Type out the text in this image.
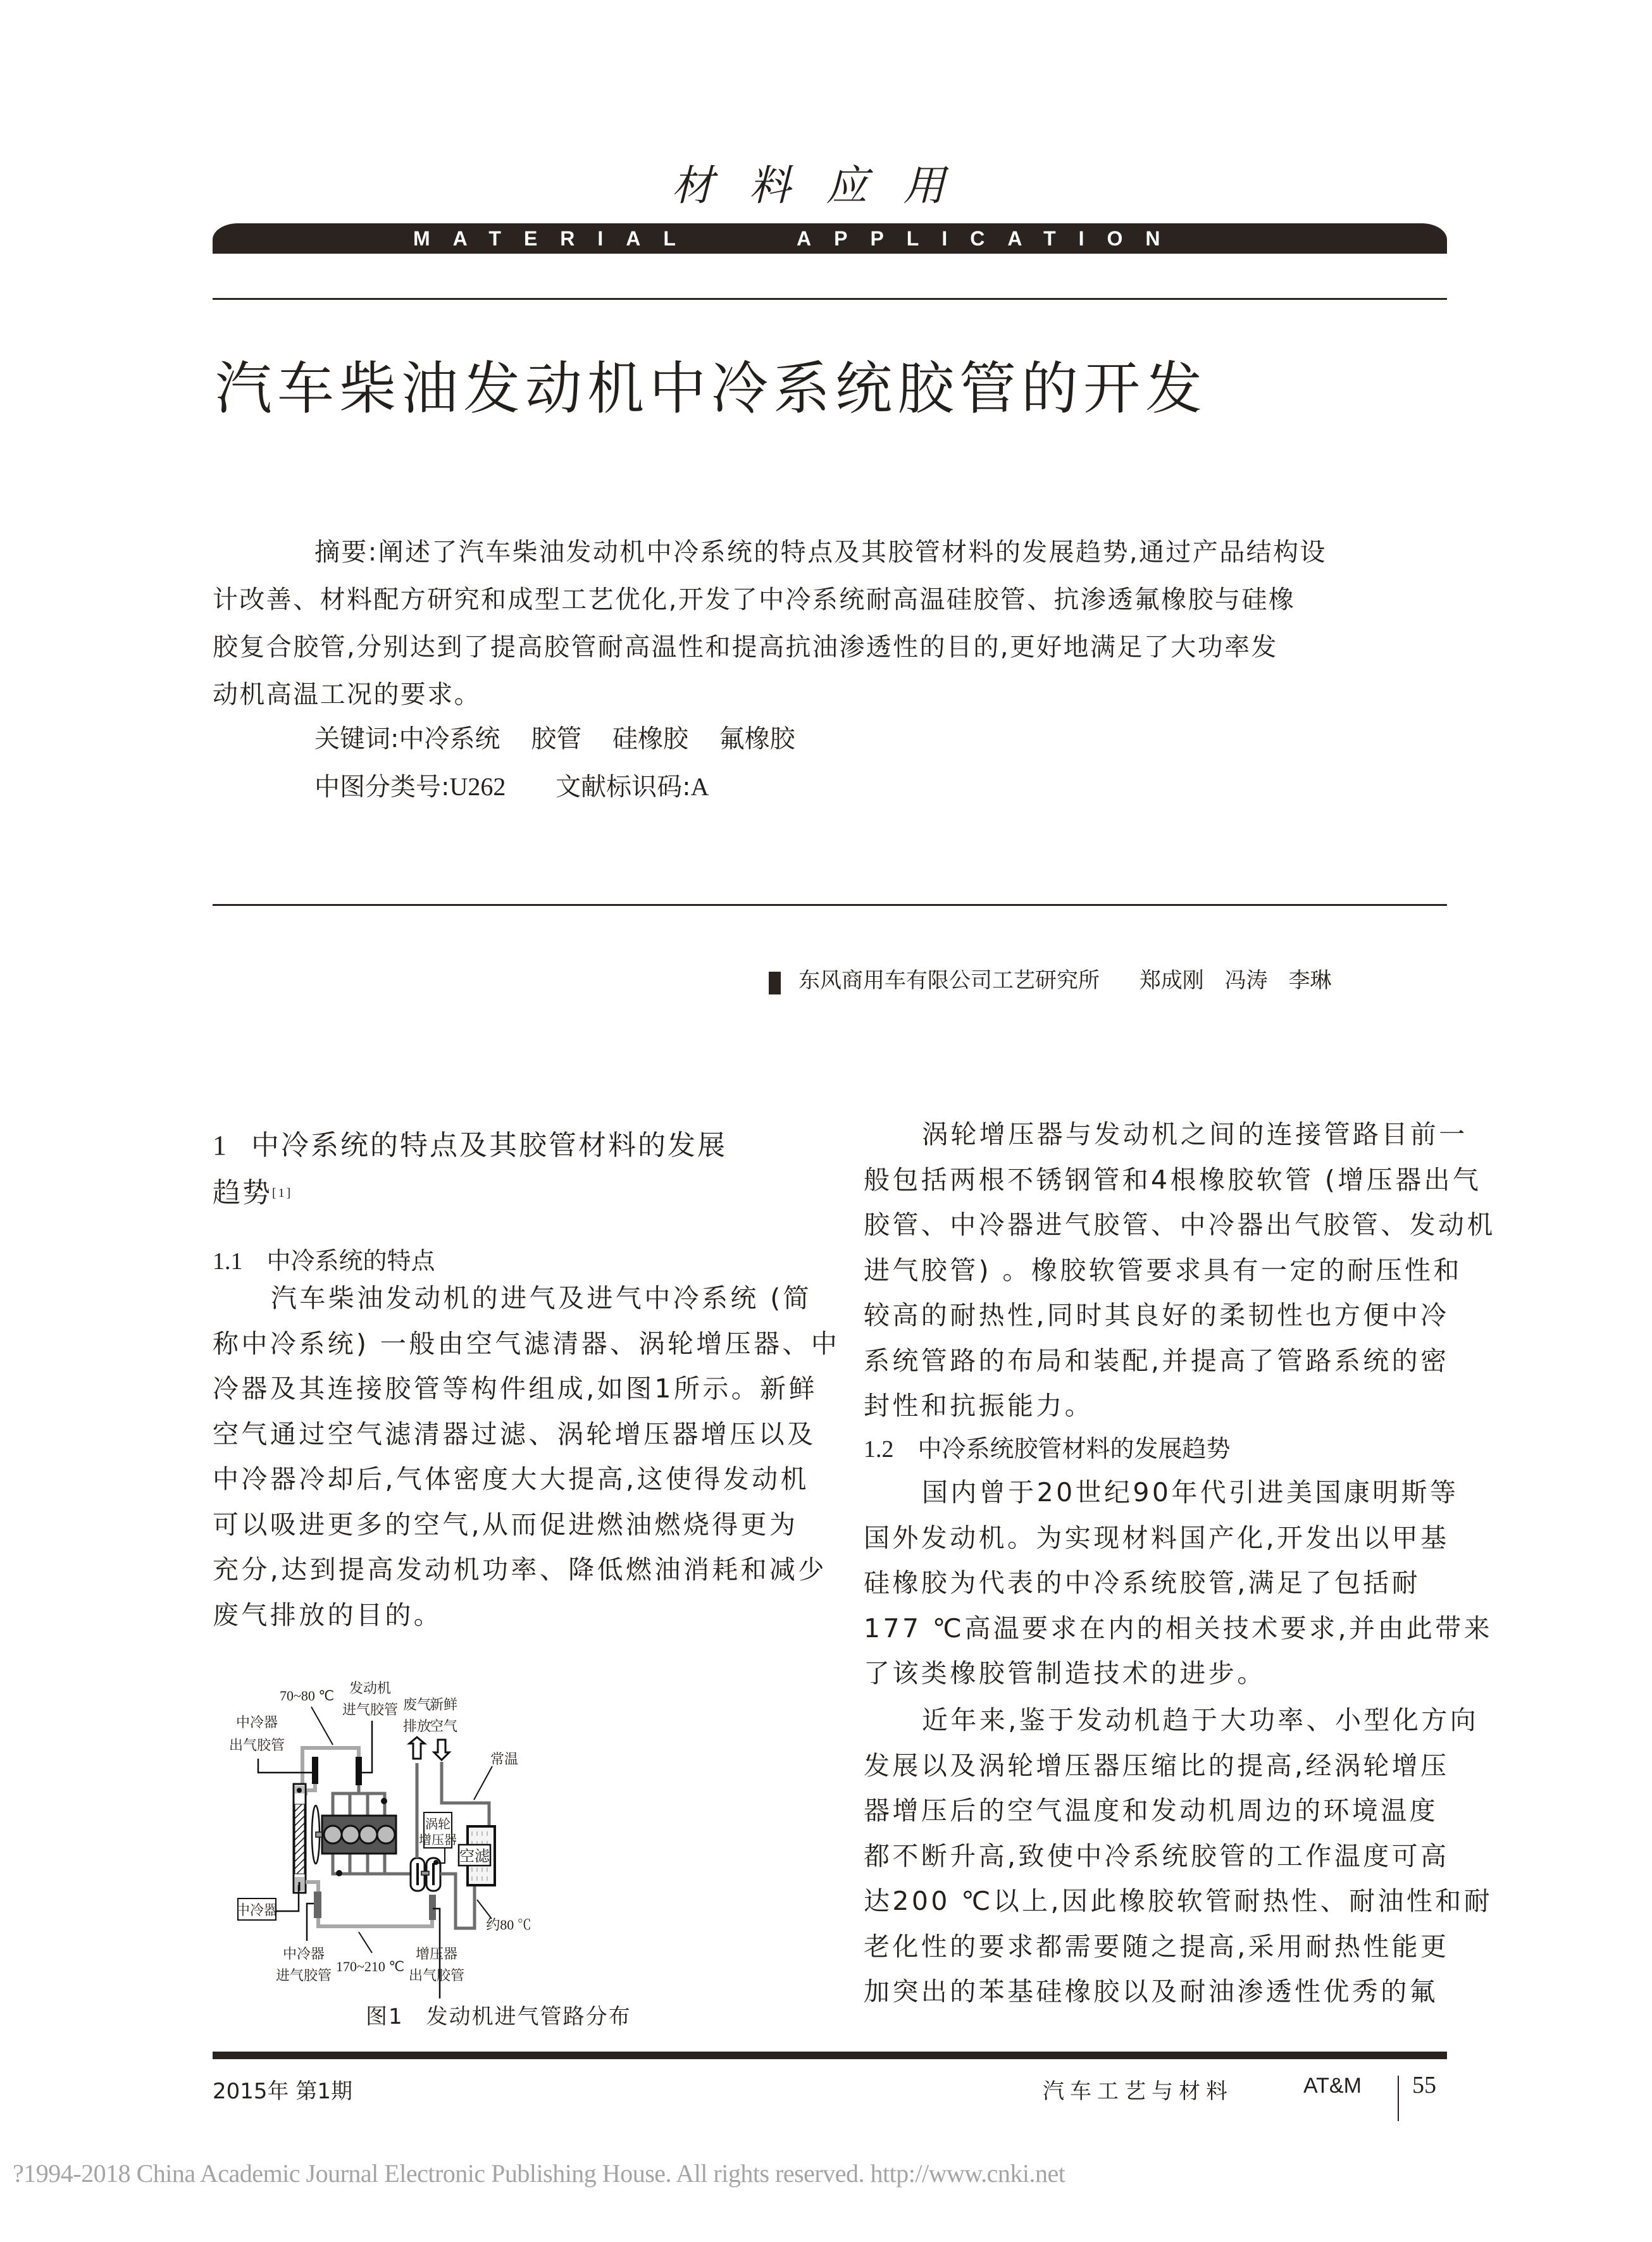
材料应用
MATERIAL	APPLICATION
汽车柴油发动机中冷系统胶管的开发
摘要:阐述了汽车柴油发动机中冷系统的特点及其胶管材料的发展趋势,通过产品结构设
计改善、材料配方研究和成型工艺优化,开发了中冷系统耐高温硅胶管、抗渗透氟橡胶与硅橡
胶复合胶管,分别达到了提高胶管耐高温性和提高抗油渗透性的目的,更好地满足了大功率发
动机高温工况的要求。
关键词:中冷系统 胶管 硅橡胶 氟橡胶
中图分类号:U262 文献标识码:A
东风商用车有限公司工艺研究所 郑成刚 冯涛 李琳
1 中冷系统的特点及其胶管材料的发展
趋势[1]
1.1 中冷系统的特点
汽车柴油发动机的进气及进气中冷系统 (简
称中冷系统) 一般由空气滤清器、涡轮增压器、中
冷器及其连接胶管等构件组成,如图1所示。新鲜
空气通过空气滤清器过滤、涡轮增压器增压以及
中冷器冷却后,气体密度大大提高,这使得发动机
可以吸进更多的空气,从而促进燃油燃烧得更为
充分,达到提高发动机功率、降低燃油消耗和减少
废气排放的目的。
空滤
涡轮
增压器
中冷器
70~80 ℃ 发动机
进气胶管
中冷器
出气胶管
废气
排放
新鲜
空气
常温
约80 ℃
中冷器
进气胶管
170~210 ℃
增压器
出气胶管
图1　发动机进气管路分布
涡轮增压器与发动机之间的连接管路目前一
般包括两根不锈钢管和4根橡胶软管 (增压器出气
胶管、中冷器进气胶管、中冷器出气胶管、发动机
进气胶管) 。橡胶软管要求具有一定的耐压性和
较高的耐热性,同时其良好的柔韧性也方便中冷
系统管路的布局和装配,并提高了管路系统的密
封性和抗振能力。
1.2 中冷系统胶管材料的发展趋势
国内曾于20世纪90年代引进美国康明斯等
国外发动机。为实现材料国产化,开发出以甲基
硅橡胶为代表的中冷系统胶管,满足了包括耐
177 ℃高温要求在内的相关技术要求,并由此带来
了该类橡胶管制造技术的进步。
近年来,鉴于发动机趋于大功率、小型化方向
发展以及涡轮增压器压缩比的提高,经涡轮增压
器增压后的空气温度和发动机周边的环境温度
都不断升高,致使中冷系统胶管的工作温度可高
达200 ℃以上,因此橡胶软管耐热性、耐油性和耐
老化性的要求都需要随之提高,采用耐热性能更
加突出的苯基硅橡胶以及耐油渗透性优秀的氟
2015年 第1期	汽车工艺与材料	AT&M 55
?1994-2018 China Academic Journal Electronic Publishing House. All rights reserved. http://www.cnki.net
